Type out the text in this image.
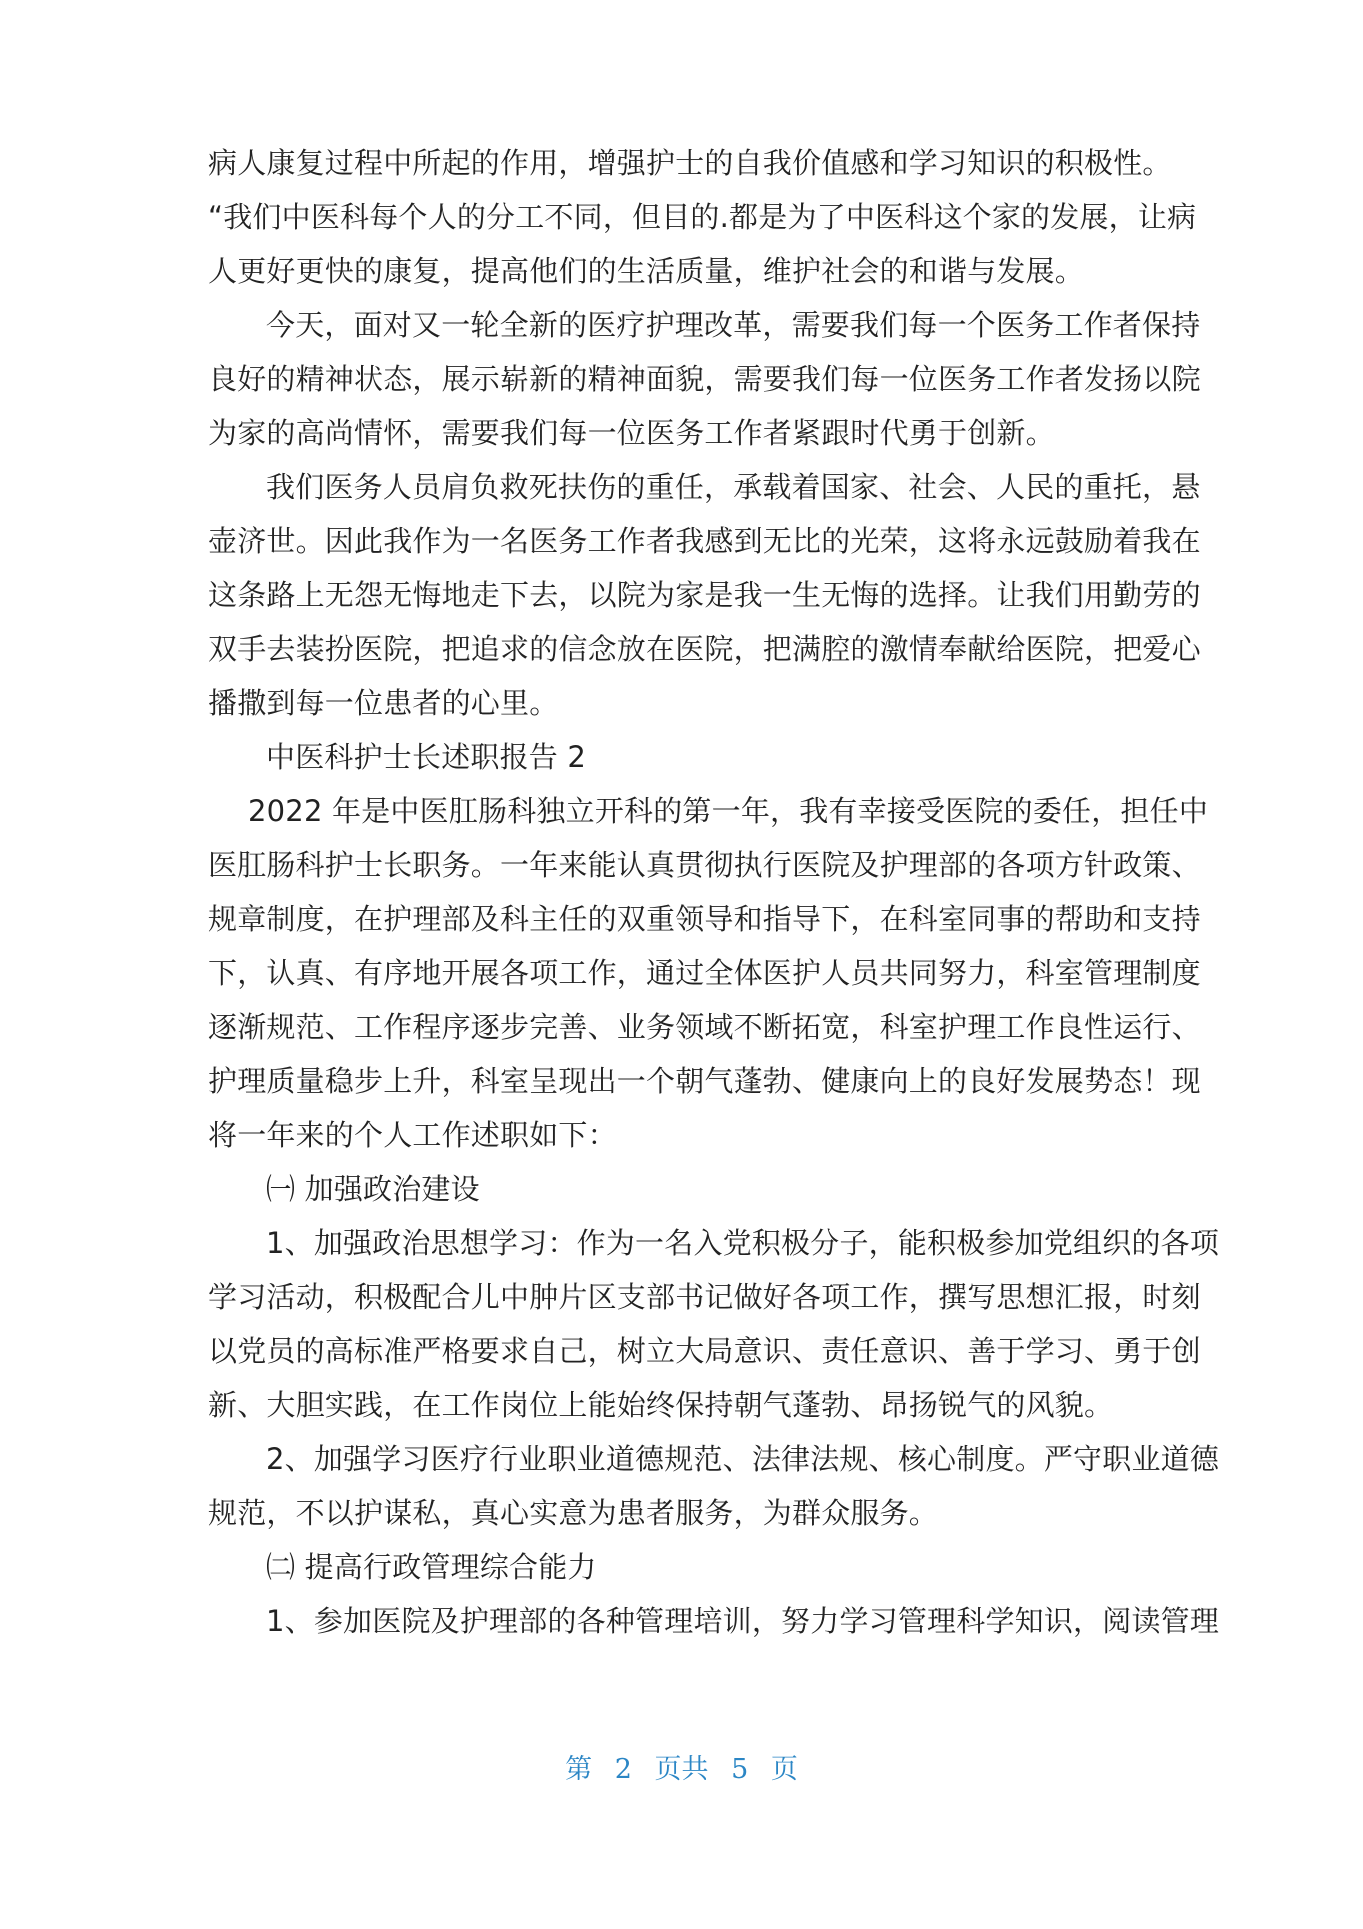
病人康复过程中所起的作用，增强护士的自我价值感和学习知识的积极性。
“我们中医科每个人的分工不同，但目的.都是为了中医科这个家的发展，让病
人更好更快的康复，提高他们的生活质量，维护社会的和谐与发展。
今天，面对又一轮全新的医疗护理改革，需要我们每一个医务工作者保持
良好的精神状态，展示崭新的精神面貌，需要我们每一位医务工作者发扬以院
为家的高尚情怀，需要我们每一位医务工作者紧跟时代勇于创新。
我们医务人员肩负救死扶伤的重任，承载着国家、社会、人民的重托，悬
壶济世。因此我作为一名医务工作者我感到无比的光荣，这将永远鼓励着我在
这条路上无怨无悔地走下去，以院为家是我一生无悔的选择。让我们用勤劳的
双手去装扮医院，把追求的信念放在医院，把满腔的激情奉献给医院，把爱心
播撒到每一位患者的心里。
中医科护士长述职报告 2
2022 年是中医肛肠科独立开科的第一年，我有幸接受医院的委任，担任中
医肛肠科护士长职务。一年来能认真贯彻执行医院及护理部的各项方针政策、
规章制度，在护理部及科主任的双重领导和指导下，在科室同事的帮助和支持
下，认真、有序地开展各项工作，通过全体医护人员共同努力，科室管理制度
逐渐规范、工作程序逐步完善、业务领域不断拓宽，科室护理工作良性运行、
护理质量稳步上升，科室呈现出一个朝气蓬勃、健康向上的良好发展势态！现
将一年来的个人工作述职如下：
㈠ 加强政治建设
1、加强政治思想学习：作为一名入党积极分子，能积极参加党组织的各项
学习活动，积极配合儿中肿片区支部书记做好各项工作，撰写思想汇报，时刻
以党员的高标准严格要求自己，树立大局意识、责任意识、善于学习、勇于创
新、大胆实践，在工作岗位上能始终保持朝气蓬勃、昂扬锐气的风貌。
2、加强学习医疗行业职业道德规范、法律法规、核心制度。严守职业道德
规范，不以护谋私，真心实意为患者服务，为群众服务。
㈡ 提高行政管理综合能力
1、参加医院及护理部的各种管理培训，努力学习管理科学知识，阅读管理
第 2 页共 5 页
